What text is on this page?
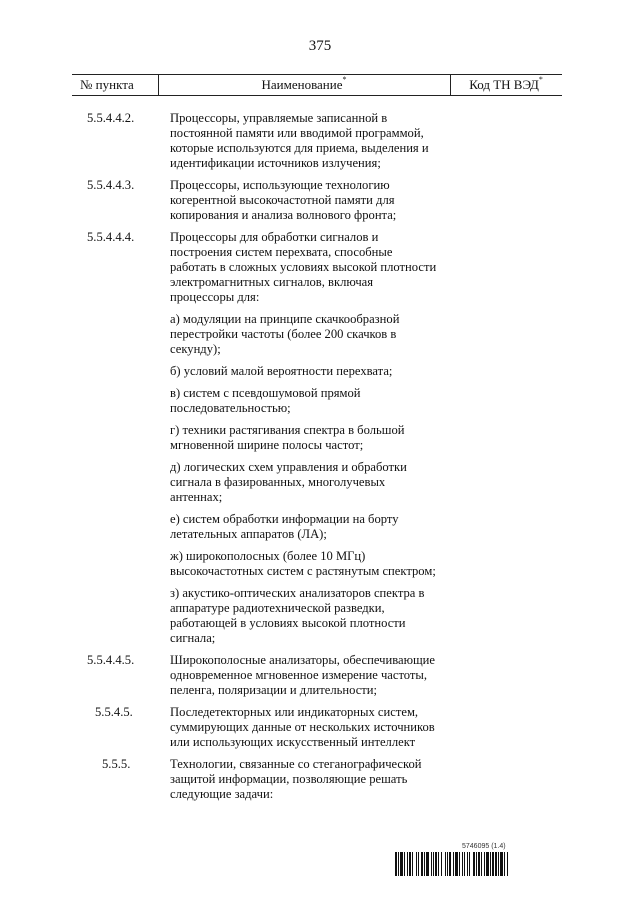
375
№ пункта	Наименование*	Код ТН ВЭД*
5.5.4.4.2.	Процессоры, управляемые записанной в постоянной памяти или вводимой программой, которые используются для приема, выделения и идентификации источников излучения;
5.5.4.4.3.	Процессоры, использующие технологию когерентной высокочастотной памяти для копирования и анализа волнового фронта;
5.5.4.4.4.	Процессоры для обработки сигналов и построения систем перехвата, способные работать в сложных условиях высокой плотности электромагнитных сигналов, включая процессоры для:
а) модуляции на принципе скачкообразной перестройки частоты (более 200 скачков в секунду);
б) условий малой вероятности перехвата;
в) систем с псевдошумовой прямой последовательностью;
г) техники растягивания спектра в большой мгновенной ширине полосы частот;
д) логических схем управления и обработки сигнала в фазированных, многолучевых антеннах;
е) систем обработки информации на борту летательных аппаратов (ЛА);
ж) широкополосных (более 10 МГц) высокочастотных систем с растянутым спектром;
з) акустико-оптических анализаторов спектра в аппаратуре радиотехнической разведки, работающей в условиях высокой плотности сигнала;
5.5.4.4.5.	Широкополосные анализаторы, обеспечивающие одновременное мгновенное измерение частоты, пеленга, поляризации и длительности;
5.5.4.5.	Последетекторных или индикаторных систем, суммирующих данные от нескольких источников или использующих искусственный интеллект
5.5.5.	Технологии, связанные со стеганографической защитой информации, позволяющие решать следующие задачи:
5746095 (1.4)
